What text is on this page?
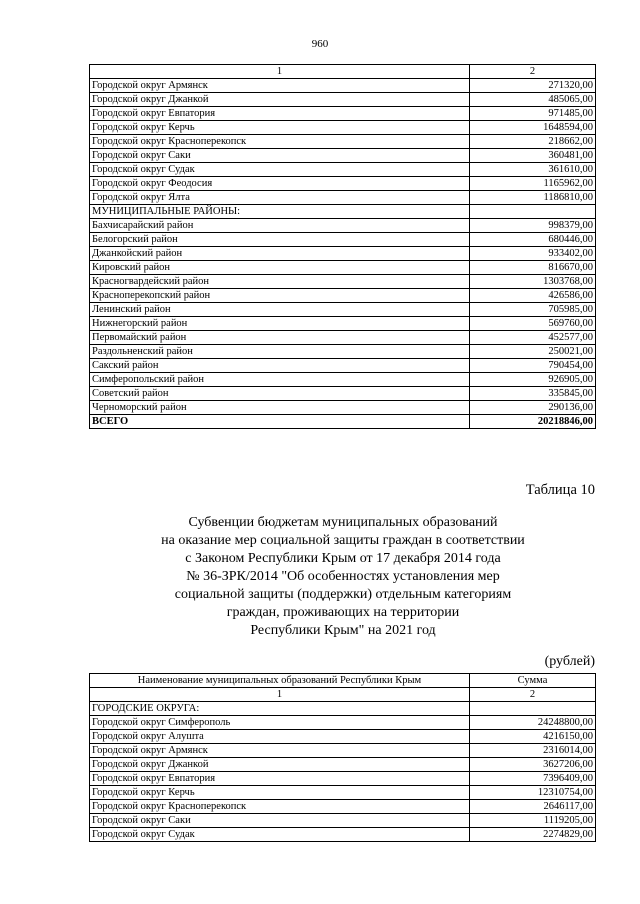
960
1	2
Городской округ Армянск	271320,00
Городской округ Джанкой	485065,00
Городской округ Евпатория	971485,00
Городской округ Керчь	1648594,00
Городской округ Красноперекопск	218662,00
Городской округ Саки	360481,00
Городской округ Судак	361610,00
Городской округ Феодосия	1165962,00
Городской округ Ялта	1186810,00
МУНИЦИПАЛЬНЫЕ РАЙОНЫ:	
Бахчисарайский район	998379,00
Белогорский район	680446,00
Джанкойский район	933402,00
Кировский район	816670,00
Красногвардейский район	1303768,00
Красноперекопский район	426586,00
Ленинский район	705985,00
Нижнегорский район	569760,00
Первомайский район	452577,00
Раздольненский район	250021,00
Сакский район	790454,00
Симферопольский район	926905,00
Советский район	335845,00
Черноморский район	290136,00
ВСЕГО	20218846,00
Таблица 10
Субвенции бюджетам муниципальных образований
на оказание мер социальной защиты граждан в соответствии
с Законом Республики Крым от 17 декабря 2014 года
№ 36-ЗРК/2014 "Об особенностях установления мер
социальной защиты (поддержки) отдельным категориям
граждан, проживающих на территории
Республики Крым" на 2021 год
(рублей)
Наименование муниципальных образований Республики Крым	Сумма
1	2
ГОРОДСКИЕ ОКРУГА:	
Городской округ Симферополь	24248800,00
Городской округ Алушта	4216150,00
Городской округ Армянск	2316014,00
Городской округ Джанкой	3627206,00
Городской округ Евпатория	7396409,00
Городской округ Керчь	12310754,00
Городской округ Красноперекопск	2646117,00
Городской округ Саки	1119205,00
Городской округ Судак	2274829,00
